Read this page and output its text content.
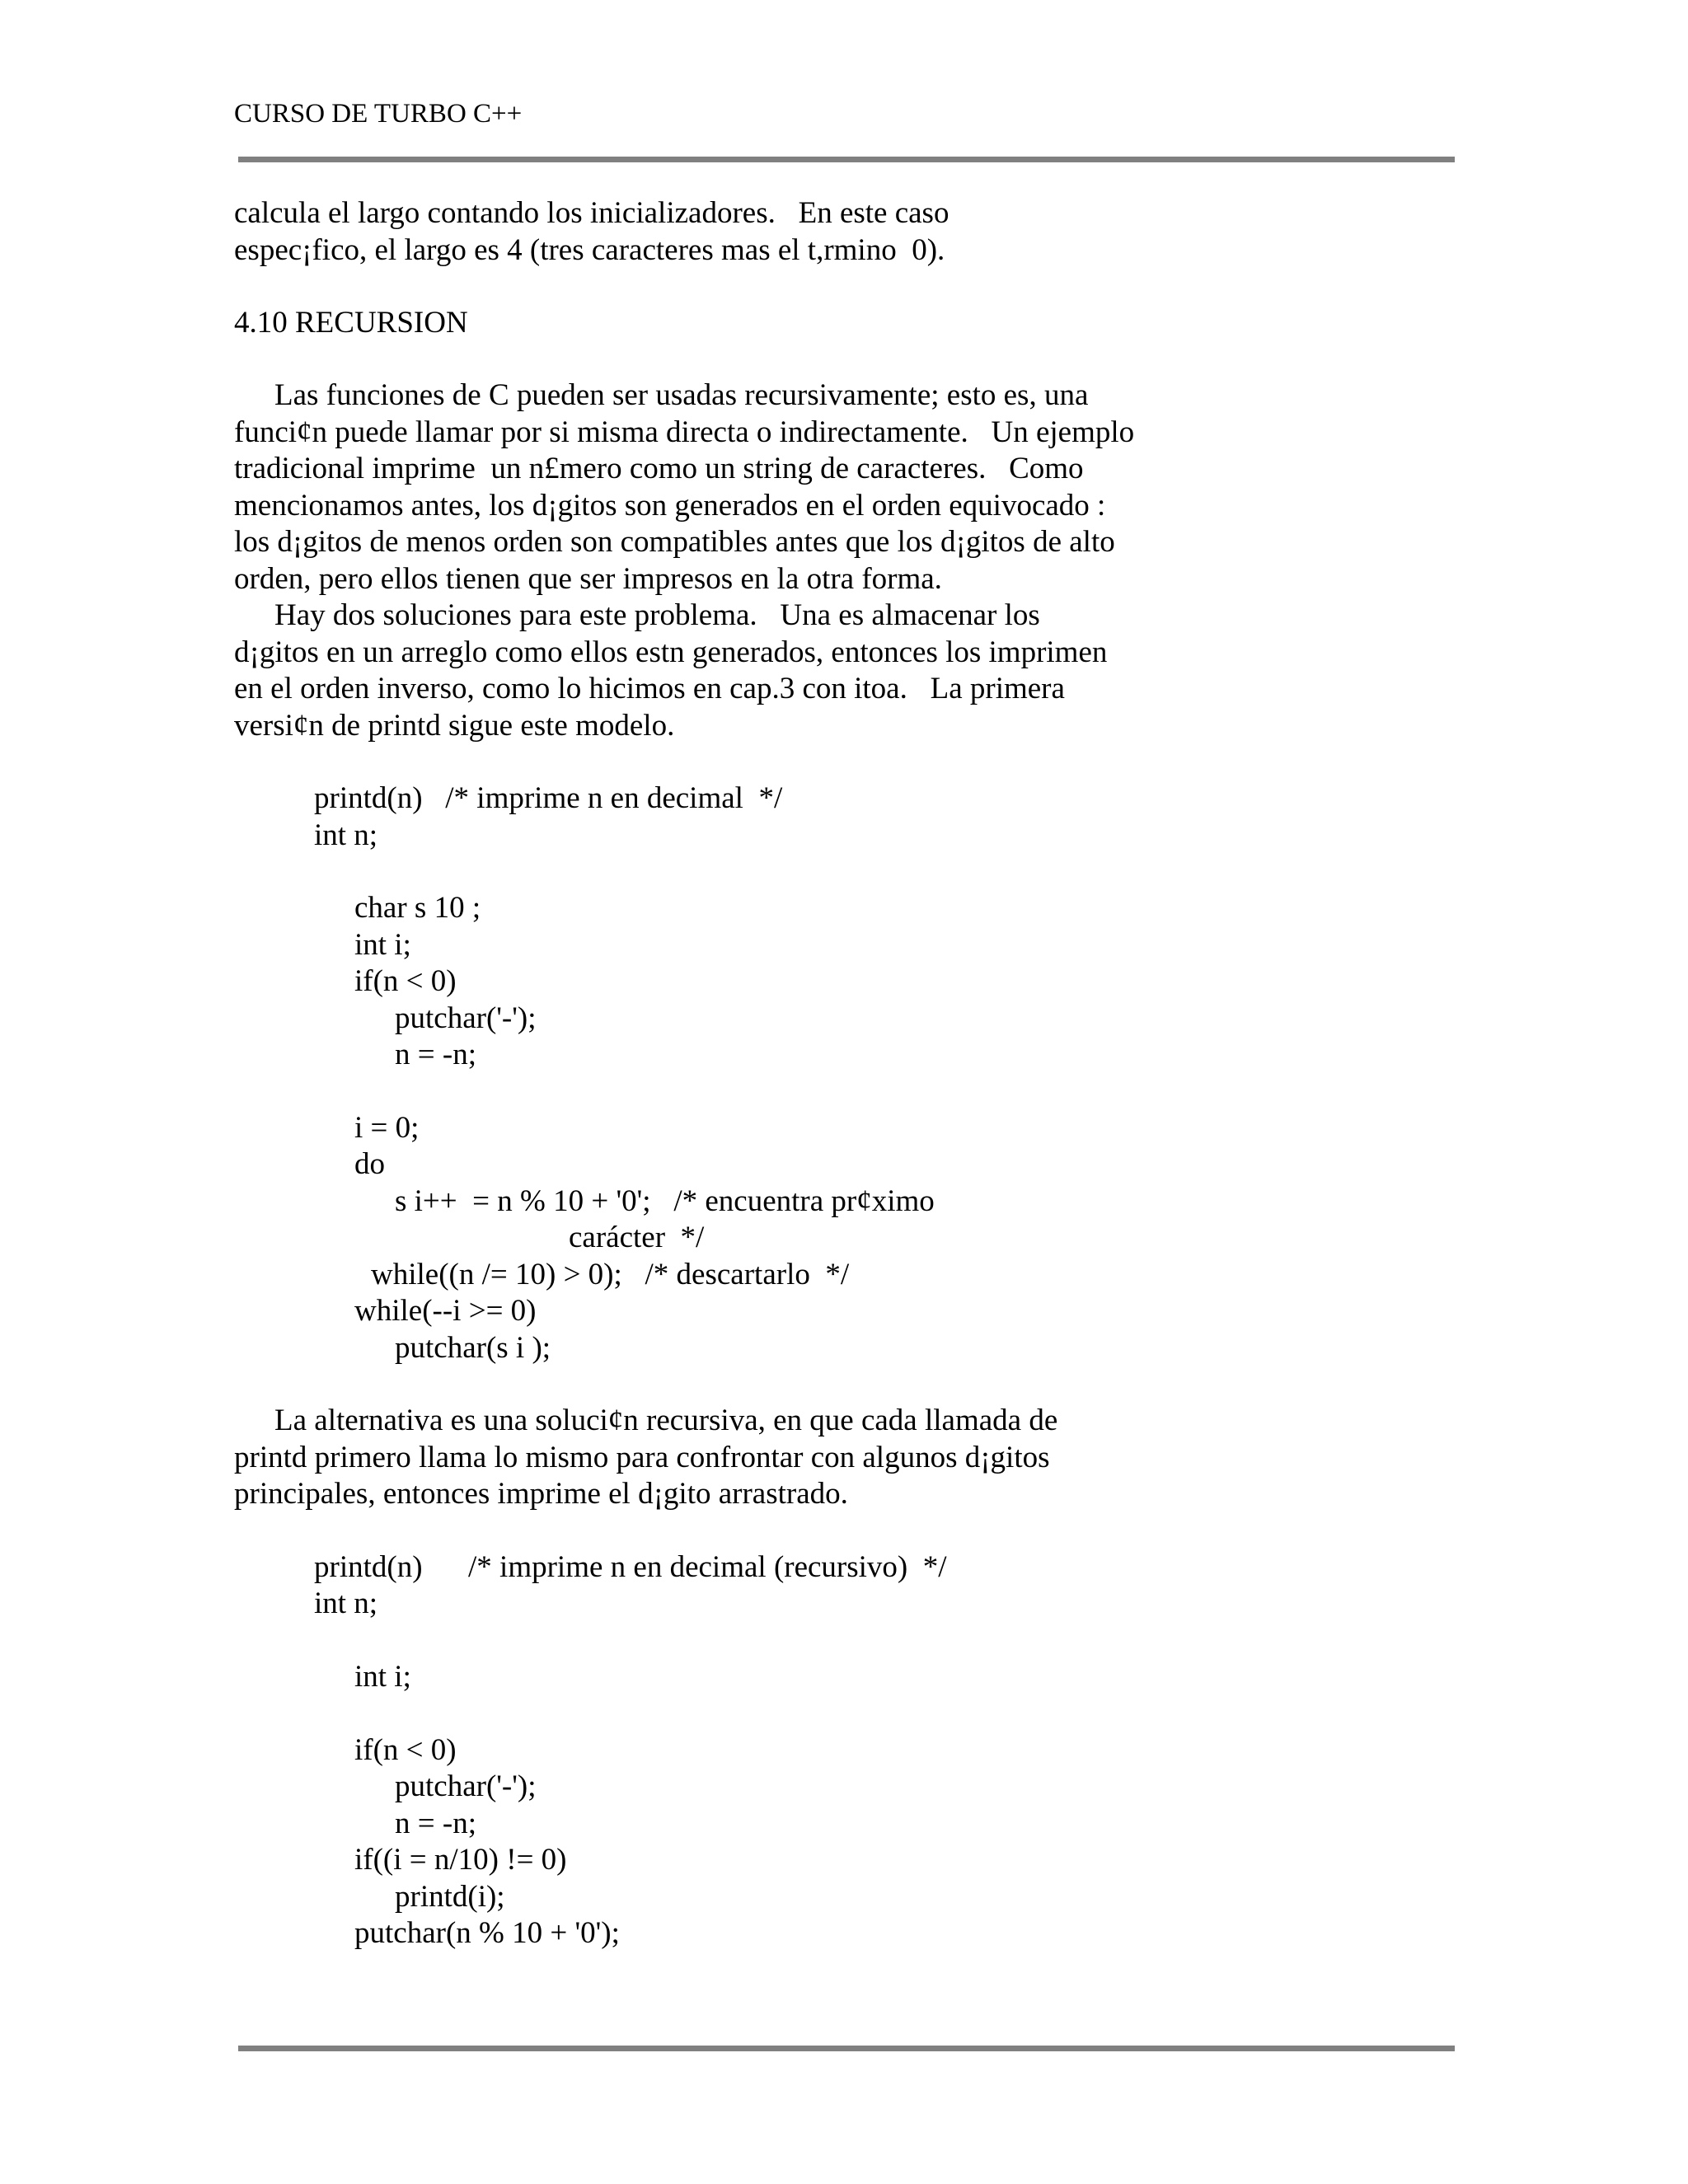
CURSO DE TURBO C++
calcula el largo contando los inicializadores.   En este caso
espec¡fico, el largo es 4 (tres caracteres mas el t,rmino  0).
4.10 RECURSION
Las funciones de C pueden ser usadas recursivamente; esto es, una
funci¢n puede llamar por si misma directa o indirectamente.   Un ejemplo
tradicional imprime  un n£mero como un string de caracteres.   Como
mencionamos antes, los d¡gitos son generados en el orden equivocado :
los d¡gitos de menos orden son compatibles antes que los d¡gitos de alto
orden, pero ellos tienen que ser impresos en la otra forma.
Hay dos soluciones para este problema.   Una es almacenar los
d¡gitos en un arreglo como ellos estn generados, entonces los imprimen
en el orden inverso, como lo hicimos en cap.3 con itoa.   La primera
versi¢n de printd sigue este modelo.
printd(n)   /* imprime n en decimal  */
int n;
char s 10 ;
int i;
if(n < 0)
putchar('-');
n = -n;
i = 0;
do
s i++  = n % 10 + '0';   /* encuentra pr¢ximo
carácter  */
while((n /= 10) > 0);   /* descartarlo  */
while(--i >= 0)
putchar(s i );
La alternativa es una soluci¢n recursiva, en que cada llamada de
printd primero llama lo mismo para confrontar con algunos d¡gitos
principales, entonces imprime el d¡gito arrastrado.
printd(n)      /* imprime n en decimal (recursivo)  */
int n;
int i;
if(n < 0)
putchar('-');
n = -n;
if((i = n/10) != 0)
printd(i);
putchar(n % 10 + '0');
